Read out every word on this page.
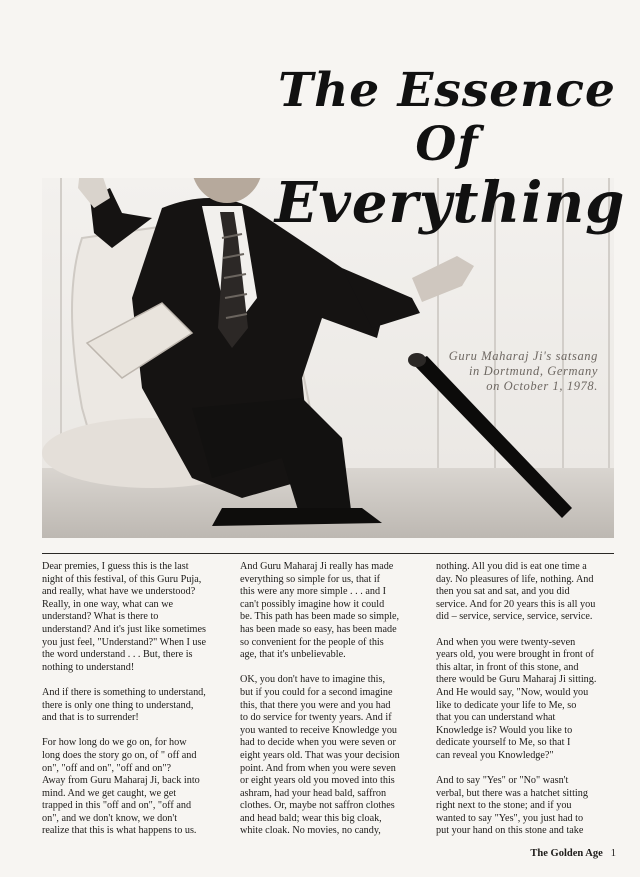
The Essence Of
Everything
Guru Maharaj Ji's satsang
in Dortmund, Germany
on October 1, 1978.

Dear premies, I guess this is the last
night of this festival, of this Guru Puja,
and really, what have we understood?
Really, in one way, what can we
understand? What is there to
understand? And it's just like sometimes
you just feel, "Understand?" When I use
the word understand . . . But, there is
nothing to understand!

And if there is something to understand,
there is only one thing to understand,
and that is to surrender!

For how long do we go on, for how
long does the story go on, of " off and
on", "off and on", "off and on"?
Away from Guru Maharaj Ji, back into
mind. And we get caught, we get
trapped in this "off and on", "off and
on", and we don't know, we don't
realize that this is what happens to us.

And Guru Maharaj Ji really has made
everything so simple for us, that if
this were any more simple . . . and I
can't possibly imagine how it could
be. This path has been made so simple,
has been made so easy, has been made
so convenient for the people of this
age, that it's unbelievable.

OK, you don't have to imagine this,
but if you could for a second imagine
this, that there you were and you had
to do service for twenty years. And if
you wanted to receive Knowledge you
had to decide when you were seven or
eight years old. That was your decision
point. And from when you were seven
or eight years old you moved into this
ashram, had your head bald, saffron
clothes. Or, maybe not saffron clothes
and head bald; wear this big cloak,
white cloak. No movies, no candy,

nothing. All you did is eat one time a
day. No pleasures of life, nothing. And
then you sat and sat, and you did
service. And for 20 years this is all you
did – service, service, service, service.

And when you were twenty-seven
years old, you were brought in front of
this altar, in front of this stone, and
there would be Guru Maharaj Ji sitting.
And He would say, "Now, would you
like to dedicate your life to Me, so
that you can understand what
Knowledge is? Would you like to
dedicate yourself to Me, so that I
can reveal you Knowledge?"

And to say "Yes" or "No" wasn't
verbal, but there was a hatchet sitting
right next to the stone; and if you
wanted to say "Yes", you just had to
put your hand on this stone and take

The Golden Age 1
